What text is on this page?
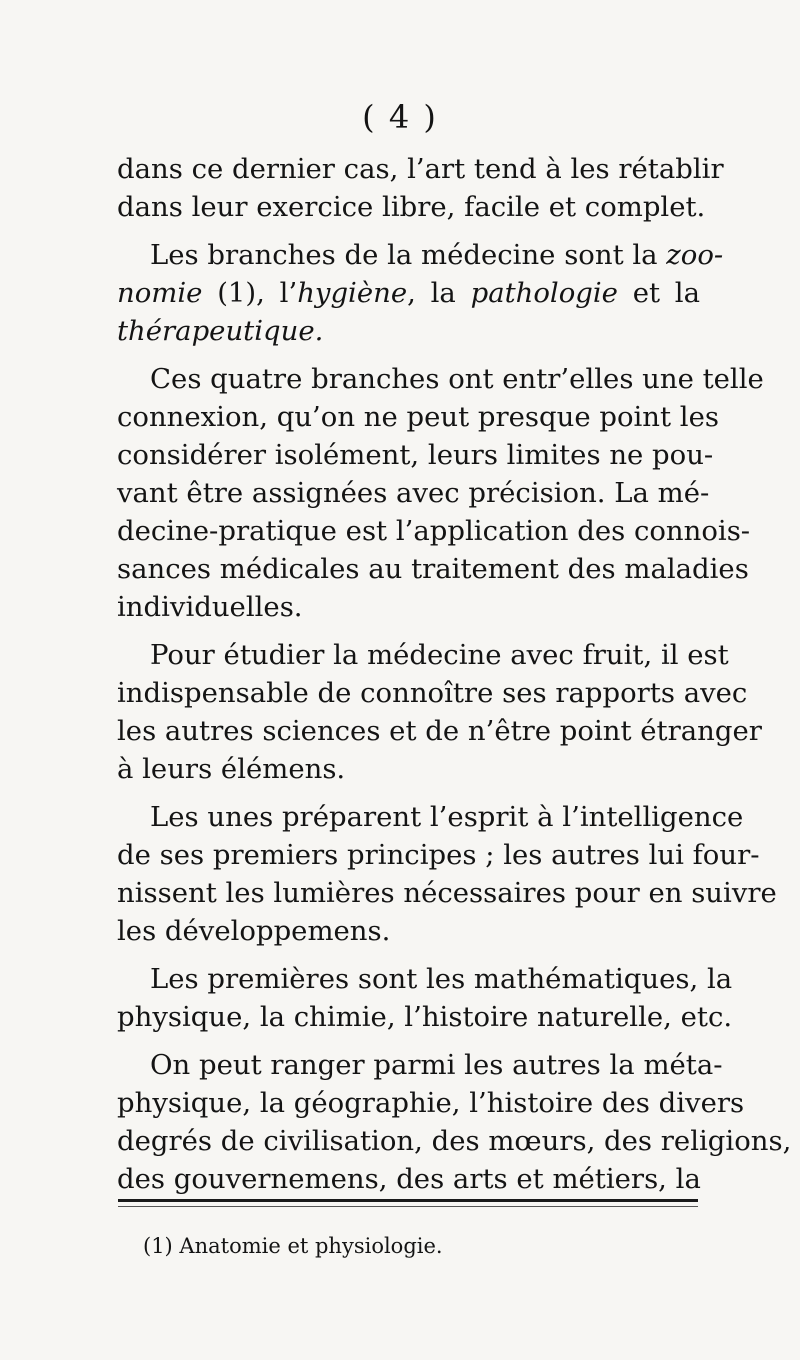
( 4 )
dans ce dernier cas, l’art tend à les rétablir
dans leur exercice libre, facile et complet.
Les branches de la médecine sont la zoo-
nomie (1), l’hygiène, la pathologie et la
thérapeutique.
Ces quatre branches ont entr’elles une telle
connexion, qu’on ne peut presque point les
considérer isolément, leurs limites ne pou-
vant être assignées avec précision. La mé-
decine-pratique est l’application des connois-
sances médicales au traitement des maladies
individuelles.
Pour étudier la médecine avec fruit, il est
indispensable de connoître ses rapports avec
les autres sciences et de n’être point étranger
à leurs élémens.
Les unes préparent l’esprit à l’intelligence
de ses premiers principes ; les autres lui four-
nissent les lumières nécessaires pour en suivre
les développemens.
Les premières sont les mathématiques, la
physique, la chimie, l’histoire naturelle, etc.
On peut ranger parmi les autres la méta-
physique, la géographie, l’histoire des divers
degrés de civilisation, des mœurs, des religions,
des gouvernemens, des arts et métiers, la
(1) Anatomie et physiologie.
